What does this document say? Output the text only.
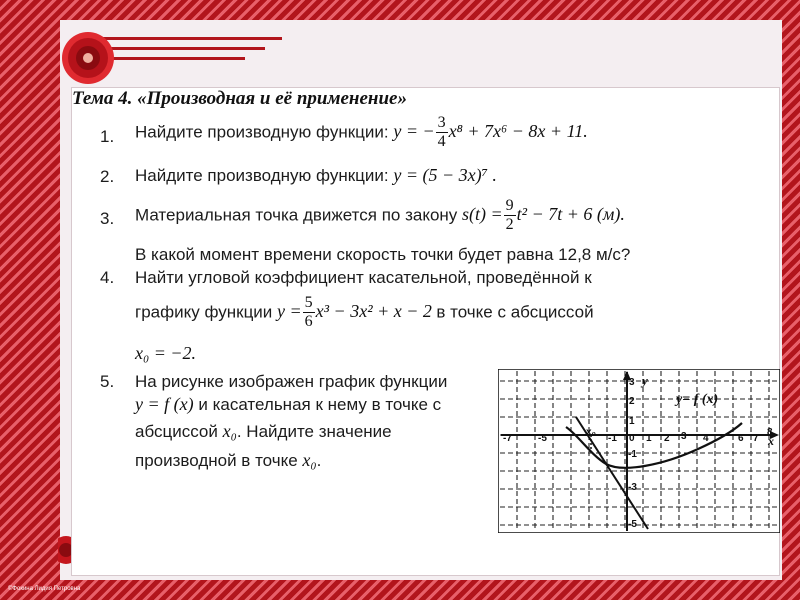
Тема 4. «Производная и её применение»
1. Найдите производную функции: y = − $\frac{3}{4} x^8 + 7x^6 - 8x + 11$.
2. Найдите производную функции: y = (5 − 3x)⁷ .
3. Материальная точка движется по закону $s(t) = \frac{9}{2} t^2 - 7t + 6$ (м).
В какой момент времени скорость точки будет равна 12,8 м/с?
4. Найти угловой коэффициент касательной, проведённой к
графику функции $y = \frac{5}{6} x^3 - 3x^2 + x - 2$ в точке с абсциссой
x₀ = −2.
5. На рисунке изображен график функции
y = f (x) и касательная к нему в точке с
абсциссой x₀. Найдите значение
производной в точке x₀.
-7	-5	-1 0 1 2 3 4	6 7
8
3
2
1
-1
-3
-5
x₀
y
x
y= f (x)
©Фокина Лидия Петровна
